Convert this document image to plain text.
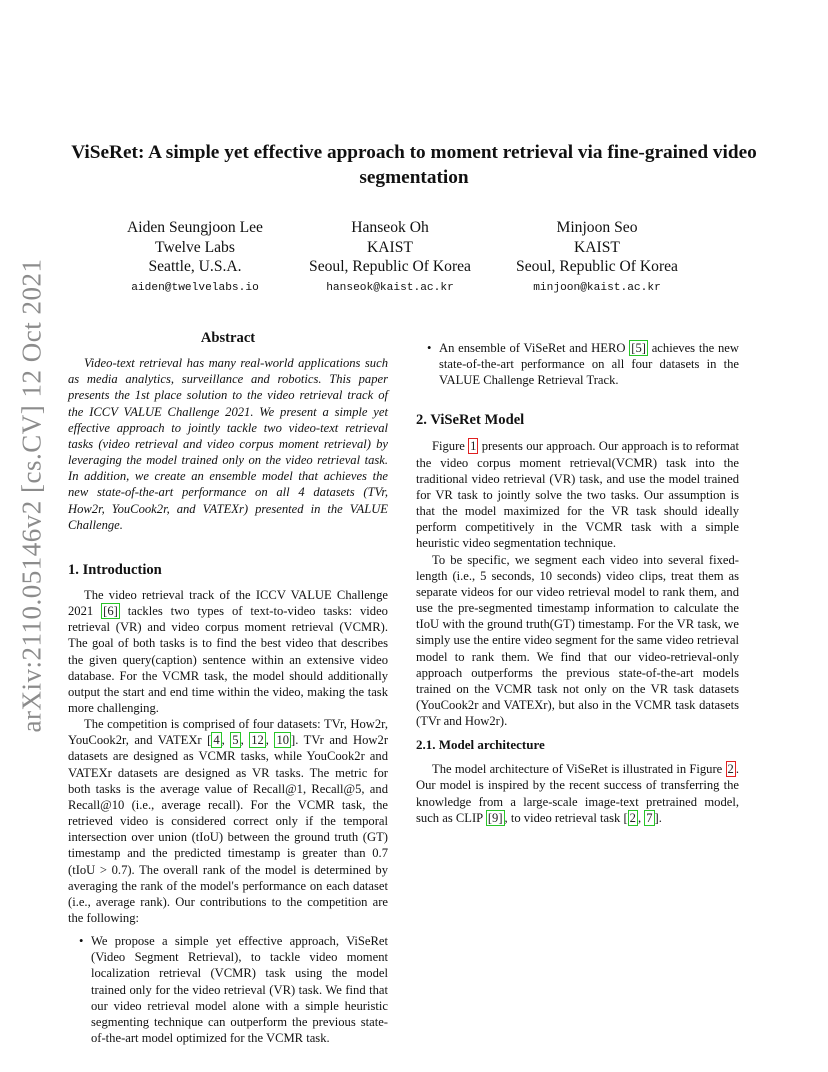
arXiv:2110.05146v2 [cs.CV] 12 Oct 2021
ViSeRet: A simple yet effective approach to moment retrieval via fine-grained video segmentation
Aiden Seungjoon Lee
Twelve Labs
Seattle, U.S.A.
aiden@twelvelabs.io
Hanseok Oh
KAIST
Seoul, Republic Of Korea
hanseok@kaist.ac.kr
Minjoon Seo
KAIST
Seoul, Republic Of Korea
minjoon@kaist.ac.kr
Abstract

Video-text retrieval has many real-world applications such as media analytics, surveillance and robotics. This paper presents the 1st place solution to the video retrieval track of the ICCV VALUE Challenge 2021. We present a simple yet effective approach to jointly tackle two video-text retrieval tasks (video retrieval and video corpus moment retrieval) by leveraging the model trained only on the video retrieval task. In addition, we create an ensemble model that achieves the new state-of-the-art performance on all 4 datasets (TVr, How2r, YouCook2r, and VATEXr) presented in the VALUE Challenge.

1. Introduction

The video retrieval track of the ICCV VALUE Challenge 2021 [6] tackles two types of text-to-video tasks: video retrieval (VR) and video corpus moment retrieval (VCMR). The goal of both tasks is to find the best video that describes the given query(caption) sentence within an extensive video database. For the VCMR task, the model should additionally output the start and end time within the video, making the task more challenging.

The competition is comprised of four datasets: TVr, How2r, YouCook2r, and VATEXr [ 4 , 5 , 12 , 10 ]. TVr and How2r datasets are designed as VCMR tasks, while YouCook2r and VATEXr datasets are designed as VR tasks. The metric for both tasks is the average value of Recall@1, Recall@5, and Recall@10 (i.e., average recall). For the VCMR task, the retrieved video is considered correct only if the temporal intersection over union (tIoU) between the ground truth (GT) timestamp and the predicted timestamp is greater than 0.7 (tIoU > 0.7). The overall rank of the model is determined by averaging the rank of the model's performance on each dataset (i.e., average rank). Our contributions to the competition are the following:

• We propose a simple yet effective approach, ViSeRet (Video Segment Retrieval), to tackle video moment localization retrieval (VCMR) task using the model trained only for the video retrieval (VR) task. We find that our video retrieval model alone with a simple heuristic segmenting technique can outperform the previous state-of-the-art model optimized for the VCMR task.
• An ensemble of ViSeRet and HERO [5] achieves the new state-of-the-art performance on all four datasets in the VALUE Challenge Retrieval Track.
2. ViSeRet Model

Figure 1 presents our approach. Our approach is to reformat the video corpus moment retrieval(VCMR) task into the traditional video retrieval (VR) task, and use the model trained for VR task to jointly solve the two tasks. Our assumption is that the model maximized for the VR task should ideally perform competitively in the VCMR task with a simple heuristic video segmentation technique.

To be specific, we segment each video into several fixed-length (i.e., 5 seconds, 10 seconds) video clips, treat them as separate videos for our video retrieval model to rank them, and use the pre-segmented timestamp information to calculate the tIoU with the ground truth(GT) timestamp. For the VR task, we simply use the entire video segment for the same video retrieval model to rank them. We find that our video-retrieval-only approach outperforms the previous state-of-the-art models trained on the VCMR task not only on the VR task datasets (YouCook2r and VATEXr), but also in the VCMR task datasets (TVr and How2r).

2.1. Model architecture

The model architecture of ViSeRet is illustrated in Figure 2 . Our model is inspired by the recent success of transferring the knowledge from a large-scale image-text pretrained model, such as CLIP [9] , to video retrieval task [ 2 , 7 ].
